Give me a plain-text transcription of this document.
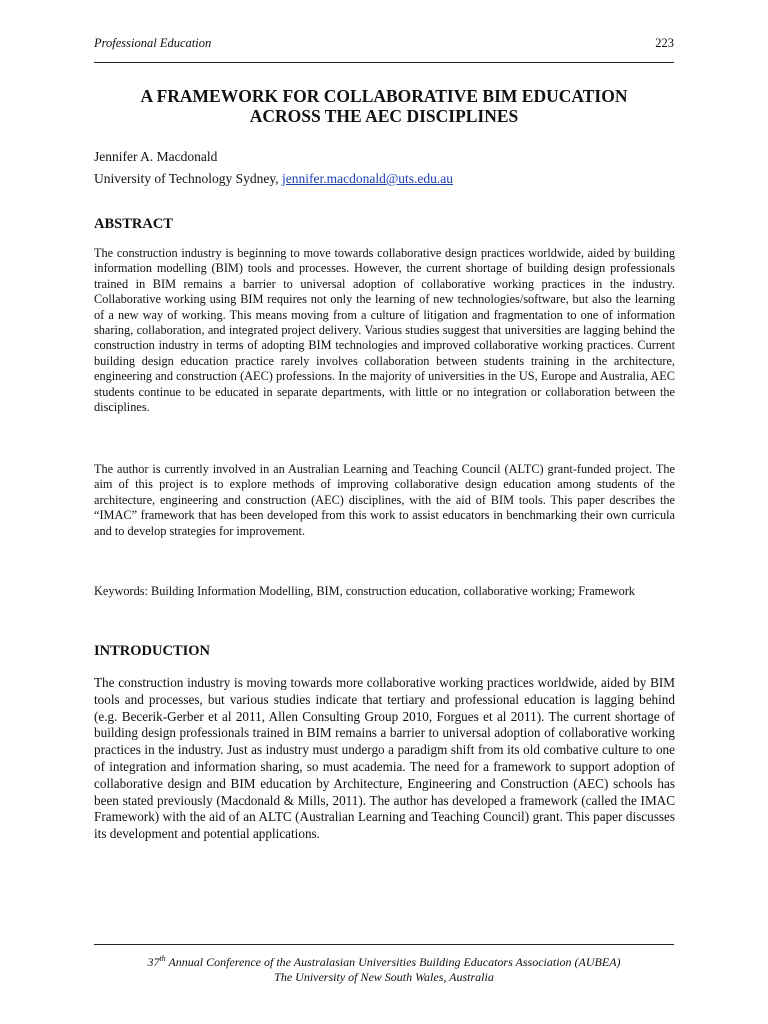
Professional Education	223
A FRAMEWORK FOR COLLABORATIVE BIM EDUCATION
ACROSS THE AEC DISCIPLINES
Jennifer A. Macdonald
University of Technology Sydney, jennifer.macdonald@uts.edu.au
ABSTRACT
The construction industry is beginning to move towards collaborative design practices worldwide, aided by building information modelling (BIM) tools and processes. However, the current shortage of building design professionals trained in BIM remains a barrier to universal adoption of collaborative working practices in the industry. Collaborative working using BIM requires not only the learning of new technologies/software, but also the learning of a new way of working. This means moving from a culture of litigation and fragmentation to one of information sharing, collaboration, and integrated project delivery. Various studies suggest that universities are lagging behind the construction industry in terms of adopting BIM technologies and improved collaborative working practices. Current building design education practice rarely involves collaboration between students training in the architecture, engineering and construction (AEC) professions. In the majority of universities in the US, Europe and Australia, AEC students continue to be educated in separate departments, with little or no integration or collaboration between the disciplines.
The author is currently involved in an Australian Learning and Teaching Council (ALTC) grant-funded project. The aim of this project is to explore methods of improving collaborative design education among students of the architecture, engineering and construction (AEC) disciplines, with the aid of BIM tools. This paper describes the “IMAC” framework that has been developed from this work to assist educators in benchmarking their own curricula and to develop strategies for improvement.
Keywords: Building Information Modelling, BIM, construction education, collaborative working; Framework
INTRODUCTION
The construction industry is moving towards more collaborative working practices worldwide, aided by BIM tools and processes, but various studies indicate that tertiary and professional education is lagging behind (e.g. Becerik-Gerber et al 2011, Allen Consulting Group 2010, Forgues et al 2011). The current shortage of building design professionals trained in BIM remains a barrier to universal adoption of collaborative working practices in the industry. Just as industry must undergo a paradigm shift from its old combative culture to one of integration and information sharing, so must academia. The need for a framework to support adoption of collaborative design and BIM education by Architecture, Engineering and Construction (AEC) schools has been stated previously (Macdonald & Mills, 2011). The author has developed a framework (called the IMAC Framework) with the aid of an ALTC (Australian Learning and Teaching Council) grant. This paper discusses its development and potential applications.
37th Annual Conference of the Australasian Universities Building Educators Association (AUBEA)
The University of New South Wales, Australia
